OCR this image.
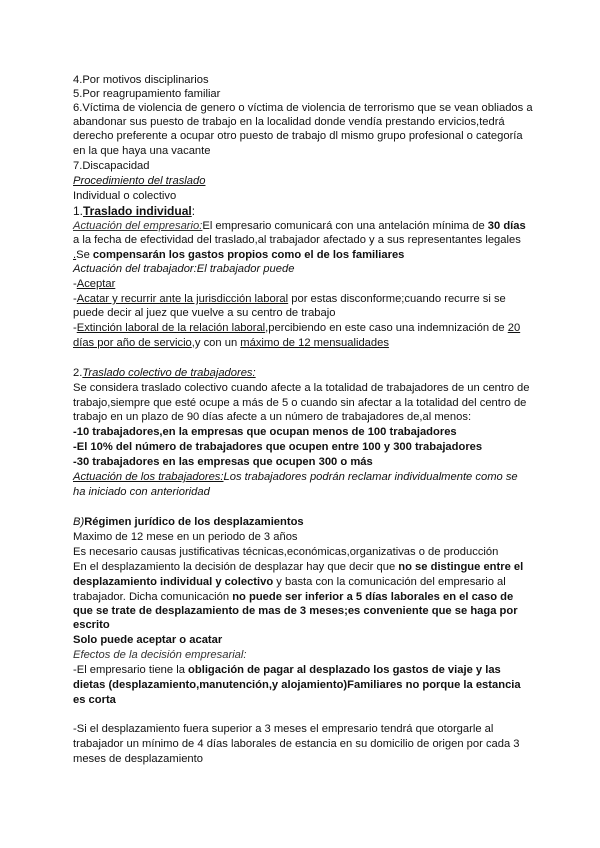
4.Por motivos disciplinarios
5.Por reagrupamiento familiar
6.Víctima de violencia de genero o víctima de violencia de terrorismo que se vean obliados a
abandonar sus puesto de trabajo en la localidad donde vendía prestando ervicios,tedrá
derecho preferente a ocupar otro puesto de trabajo dl mismo grupo profesional o categoría
en la que haya una vacante
7.Discapacidad
Procedimiento del traslado
Individual o colectivo
1.Traslado individual:
Actuación del empresario:El empresario comunicará con una antelación mínima de 30 días
a la fecha de efectividad del traslado,al trabajador afectado y a sus representantes legales
.Se compensarán los gastos propios como el de los familiares
Actuación del trabajador:El trabajador puede
-Aceptar
-Acatar y recurrir ante la jurisdicción laboral por estas disconforme;cuando recurre si se
puede decir al juez que vuelve a su centro de trabajo
-Extinción laboral de la relación laboral,percibiendo en este caso una indemnización de 20
días por año de servicio,y con un máximo de 12 mensualidades
2.Traslado colectivo de trabajadores:
Se considera traslado colectivo cuando afecte a la totalidad de trabajadores de un centro de
trabajo,siempre que esté ocupe a más de 5 o cuando sin afectar a la totalidad del centro de
trabajo en un plazo de 90 días afecte a un número de trabajadores de,al menos:
-10 trabajadores,en la empresas que ocupan menos de 100 trabajadores
-El 10% del número de trabajadores que ocupen entre 100 y 300 trabajadores
-30 trabajadores en las empresas que ocupen 300 o más
Actuación de los trabajadores:Los trabajadores podrán reclamar individualmente como se
ha iniciado con anterioridad
B)Régimen jurídico de los desplazamientos
Maximo de 12 mese en un periodo de 3 años
Es necesario causas justificativas técnicas,económicas,organizativas o de producción
En el desplazamiento la decisión de desplazar hay que decir que no se distingue entre el
desplazamiento individual y colectivo y basta con la comunicación del empresario al
trabajador. Dicha comunicación no puede ser inferior a 5 días laborales en el caso de
que se trate de desplazamiento de mas de 3 meses;es conveniente que se haga por
escrito
Solo puede aceptar o acatar
Efectos de la decisión empresarial:
-El empresario tiene la obligación de pagar al desplazado los gastos de viaje y las
dietas (desplazamiento,manutención,y alojamiento)Familiares no porque la estancia
es corta
-Si el desplazamiento fuera superior a 3 meses el empresario tendrá que otorgarle al
trabajador un mínimo de 4 días laborales de estancia en su domicilio de origen por cada 3
meses de desplazamiento
